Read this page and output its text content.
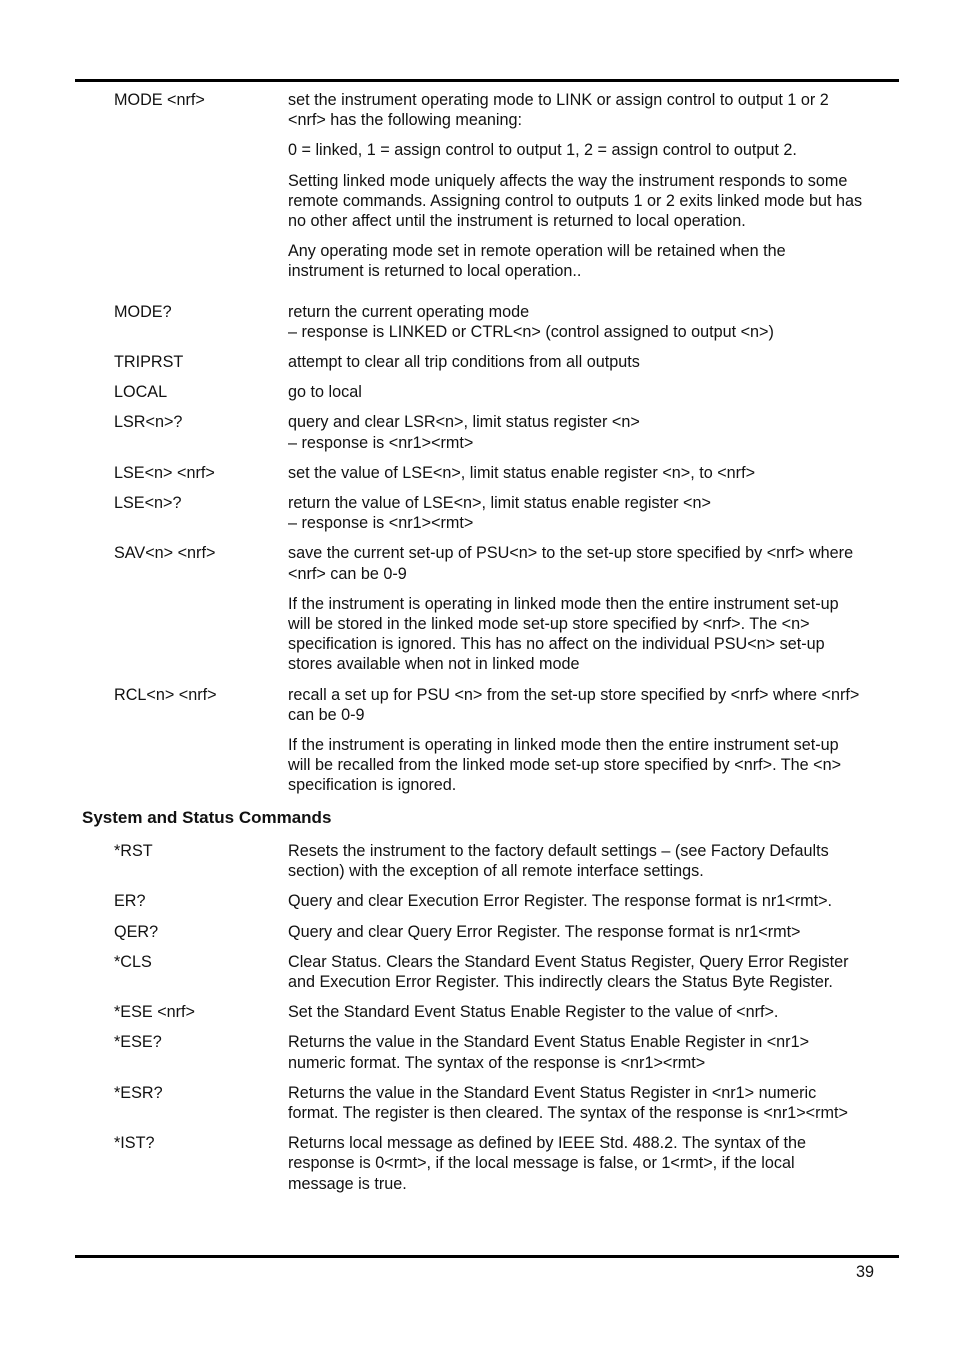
MODE <nrf>	set the instrument operating mode to LINK or assign control to output 1 or 2
<nrf> has the following meaning:

0 = linked, 1 = assign control to output 1, 2 = assign control to output 2.

Setting linked mode uniquely affects the way the instrument responds to some
remote commands. Assigning control to outputs 1 or 2 exits linked mode but has
no other affect until the instrument is returned to local operation.

Any operating mode set in remote operation will be retained when the
instrument is returned to local operation..

MODE?	return the current operating mode
– response is LINKED or CTRL<n> (control assigned to output <n>)

TRIPRST	attempt to clear all trip conditions from all outputs

LOCAL	go to local

LSR<n>?	query and clear LSR<n>, limit status register <n>
– response is <nr1><rmt>

LSE<n> <nrf>	set the value of LSE<n>, limit status enable register <n>, to <nrf>

LSE<n>?	return the value of LSE<n>, limit status enable register <n>
– response is <nr1><rmt>

SAV<n> <nrf>	save the current set-up of PSU<n> to the set-up store specified by <nrf> where
<nrf> can be 0-9

If the instrument is operating in linked mode then the entire instrument set-up
will be stored in the linked mode set-up store specified by <nrf>. The <n>
specification is ignored. This has no affect on the individual PSU<n> set-up
stores available when not in linked mode

RCL<n> <nrf>	recall a set up for PSU <n> from the set-up store specified by <nrf> where <nrf>
can be 0-9

If the instrument is operating in linked mode then the entire instrument set-up
will be recalled from the linked mode set-up store specified by <nrf>. The <n>
specification is ignored.

System and Status Commands
*RST	Resets the instrument to the factory default settings – (see Factory Defaults
section) with the exception of all remote interface settings.

ER?	Query and clear Execution Error Register. The response format is nr1<rmt>.

QER?	Query and clear Query Error Register. The response format is nr1<rmt>

*CLS	Clear Status. Clears the Standard Event Status Register, Query Error Register
and Execution Error Register. This indirectly clears the Status Byte Register.

*ESE <nrf>	Set the Standard Event Status Enable Register to the value of <nrf>.

*ESE?	Returns the value in the Standard Event Status Enable Register in <nr1>
numeric format. The syntax of the response is <nr1><rmt>

*ESR?	Returns the value in the Standard Event Status Register in <nr1> numeric
format. The register is then cleared. The syntax of the response is <nr1><rmt>

*IST?	Returns local message as defined by IEEE Std. 488.2. The syntax of the
response is 0<rmt>, if the local message is false, or 1<rmt>, if the local
message is true.

39
